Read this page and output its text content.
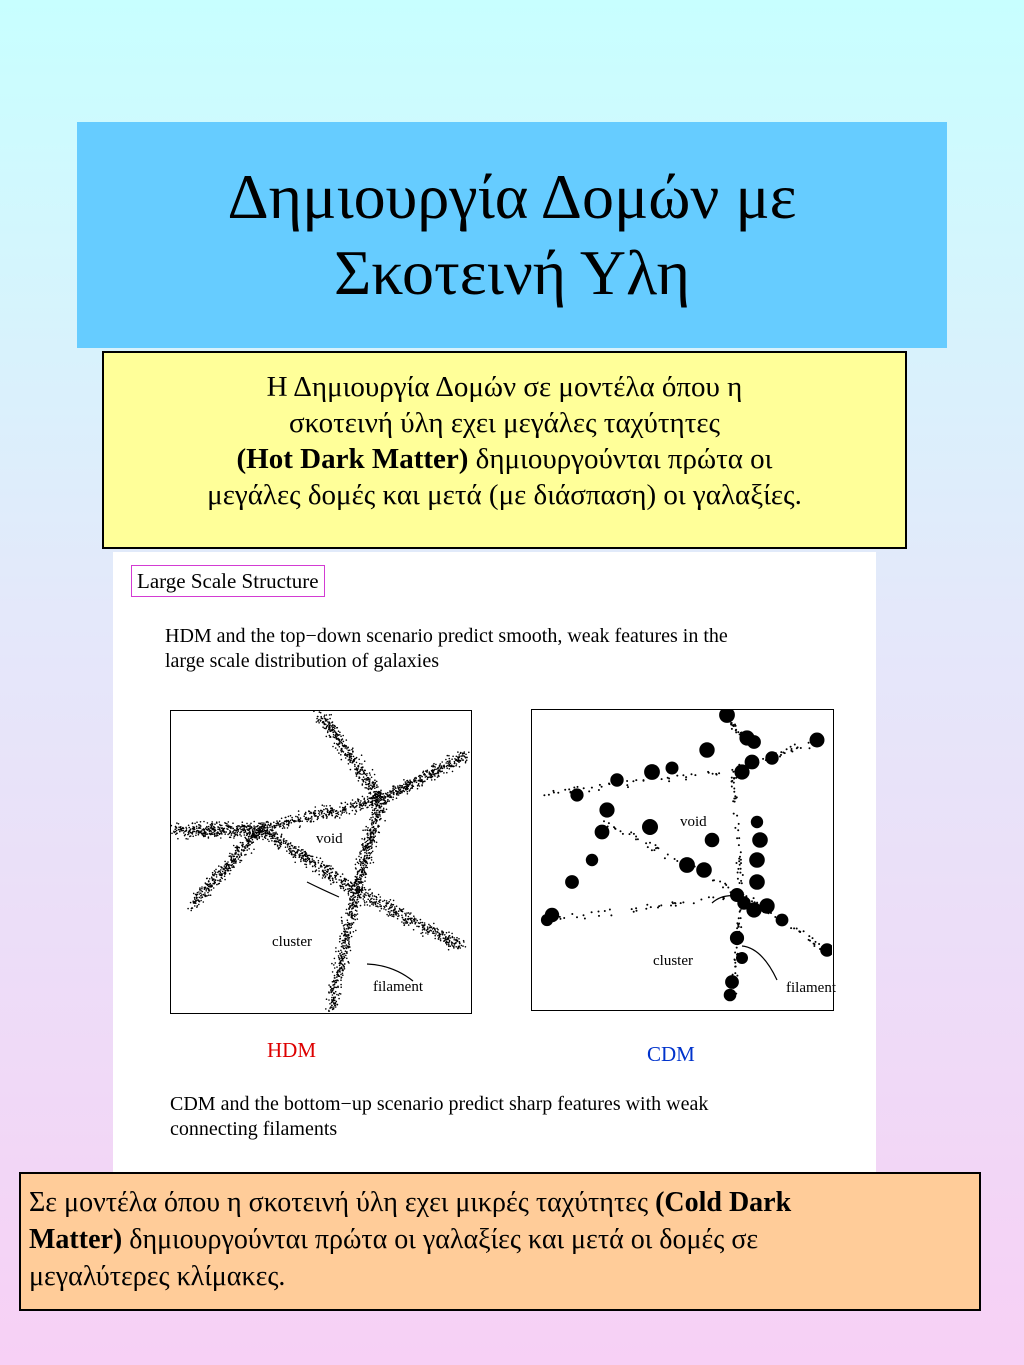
Δημιουργία Δομών με
Σκοτεινή Υλη
Η Δημιουργία Δομών σε μοντέλα όπου η
σκοτεινή ύλη εχει μεγάλες ταχύτητες
(Hot Dark Matter) δημιουργούνται πρώτα οι
μεγάλες δομές και μετά (με διάσπαση) οι γαλαξίες.
Large Scale Structure
HDM and the top−down scenario predict smooth, weak features in the
large scale distribution of galaxies
void
cluster
filament
HDM
void
cluster
filament
CDM
CDM and the bottom−up scenario predict sharp features with weak
connecting filaments
Σε μοντέλα όπου η σκοτεινή ύλη εχει μικρές ταχύτητες (Cold Dark
Matter) δημιουργούνται πρώτα οι γαλαξίες και μετά οι δομές σε
μεγαλύτερες κλίμακες.
